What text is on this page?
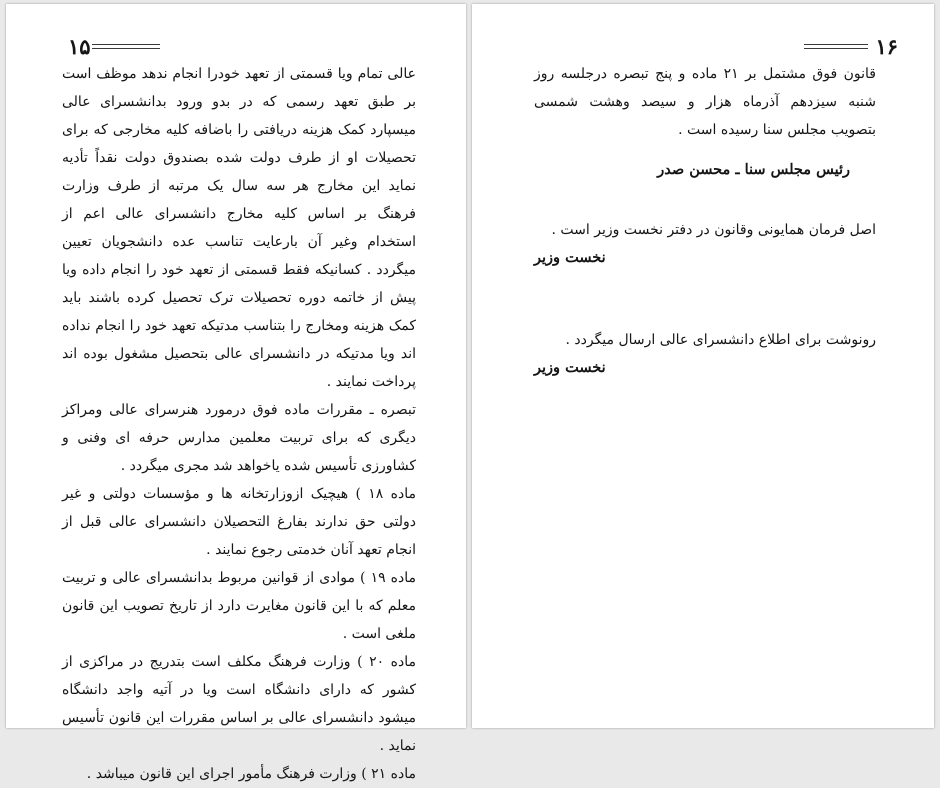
۱۵

عالی تمام ویا قسمتی از تعهد خودرا انجام ندهد موظف است بر طبق تعهد رسمی که در بدو ورود بدانشسرای عالی میسپارد کمک هزینه دریافتی را باضافه کلیه مخارجی که برای تحصیلات او از طرف دولت شده بصندوق دولت نقداً تأدیه نماید این مخارج هر سه سال یک مرتبه از طرف وزارت فرهنگ بر اساس کلیه مخارج دانشسرای عالی اعم از استخدام وغیر آن بارعایت تناسب عده دانشجویان تعیین میگردد . کسانیکه فقط قسمتی از تعهد خود را انجام داده ویا پیش از خاتمه دوره تحصیلات ترک تحصیل کرده باشند باید کمک هزینه ومخارج را بتناسب مدتیکه تعهد خود را انجام نداده اند ویا مدتیکه در دانشسرای عالی بتحصیل مشغول بوده اند پرداخت نمایند .

تبصره ـ مقررات ماده فوق درمورد هنرسرای عالی ومراکز دیگری که برای تربیت معلمین مدارس حرفه ای وفنی و کشاورزی تأسیس شده یاخواهد شد مجری میگردد .

ماده ۱۸ ) هیچیک ازوزارتخانه ها و مؤسسات دولتی و غیر دولتی حق ندارند بفارغ التحصیلان دانشسرای عالی قبل از انجام تعهد آنان خدمتی رجوع نمایند .

ماده ۱۹ ) موادی از قوانین مربوط بدانشسرای عالی و تربیت معلم که با این قانون مغایرت دارد از تاریخ تصویب این قانون ملغی است .

ماده ۲۰ ) وزارت فرهنگ مکلف است بتدریج در مراکزی از کشور که دارای دانشگاه است ویا در آتیه واجد دانشگاه میشود دانشسرای عالی بر اساس مقررات این قانون تأسیس نماید .

ماده ۲۱ ) وزارت فرهنگ مأمور اجرای این قانون میباشد .

۱۶

قانون فوق مشتمل بر ۲۱ ماده و پنج تبصره درجلسه روز شنبه سیزدهم آذرماه هزار و سیصد وهشت شمسی بتصویب مجلس سنا رسیده است .

رئیس مجلس سنا ـ محسن صدر

اصل فرمان همایونی وقانون در دفتر نخست وزیر است .

نخست وزیر

رونوشت برای اطلاع دانشسرای عالی ارسال میگردد .

نخست وزیر
